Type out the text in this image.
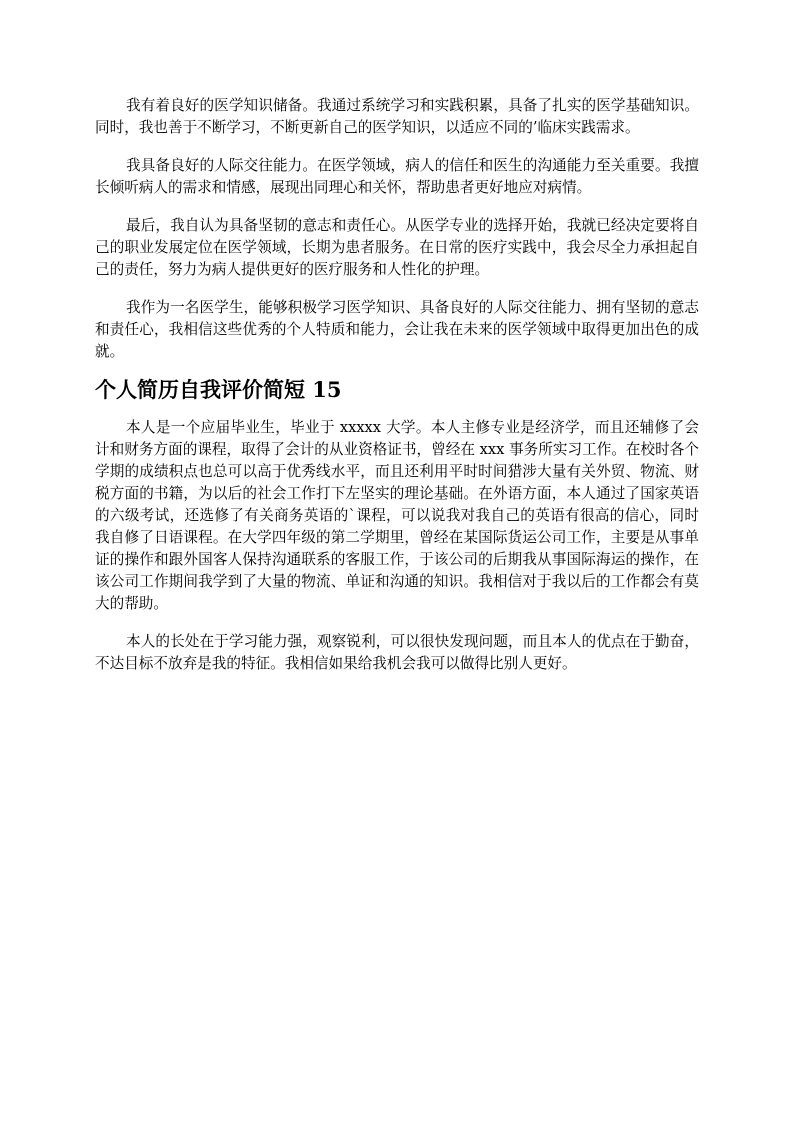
我有着良好的医学知识储备。我通过系统学习和实践积累，具备了扎实的医学基础知识。同时，我也善于不断学习，不断更新自己的医学知识，以适应不同的’临床实践需求。

我具备良好的人际交往能力。在医学领域，病人的信任和医生的沟通能力至关重要。我擅长倾听病人的需求和情感，展现出同理心和关怀，帮助患者更好地应对病情。

最后，我自认为具备坚韧的意志和责任心。从医学专业的选择开始，我就已经决定要将自己的职业发展定位在医学领域，长期为患者服务。在日常的医疗实践中，我会尽全力承担起自己的责任，努力为病人提供更好的医疗服务和人性化的护理。

我作为一名医学生，能够积极学习医学知识、具备良好的人际交往能力、拥有坚韧的意志和责任心，我相信这些优秀的个人特质和能力，会让我在未来的医学领域中取得更加出色的成就。

个人简历自我评价简短 15

本人是一个应届毕业生，毕业于 xxxxx 大学。本人主修专业是经济学，而且还辅修了会计和财务方面的课程，取得了会计的从业资格证书，曾经在 xxx 事务所实习工作。在校时各个学期的成绩积点也总可以高于优秀线水平，而且还利用平时时间猎涉大量有关外贸、物流、财税方面的书籍，为以后的社会工作打下左坚实的理论基础。在外语方面，本人通过了国家英语的六级考试，还选修了有关商务英语的`课程，可以说我对我自己的英语有很高的信心，同时我自修了日语课程。在大学四年级的第二学期里，曾经在某国际货运公司工作，主要是从事单证的操作和跟外国客人保持沟通联系的客服工作，于该公司的后期我从事国际海运的操作，在该公司工作期间我学到了大量的物流、单证和沟通的知识。我相信对于我以后的工作都会有莫大的帮助。

本人的长处在于学习能力强，观察锐利，可以很快发现问题，而且本人的优点在于勤奋，不达目标不放弃是我的特征。我相信如果给我机会我可以做得比别人更好。
